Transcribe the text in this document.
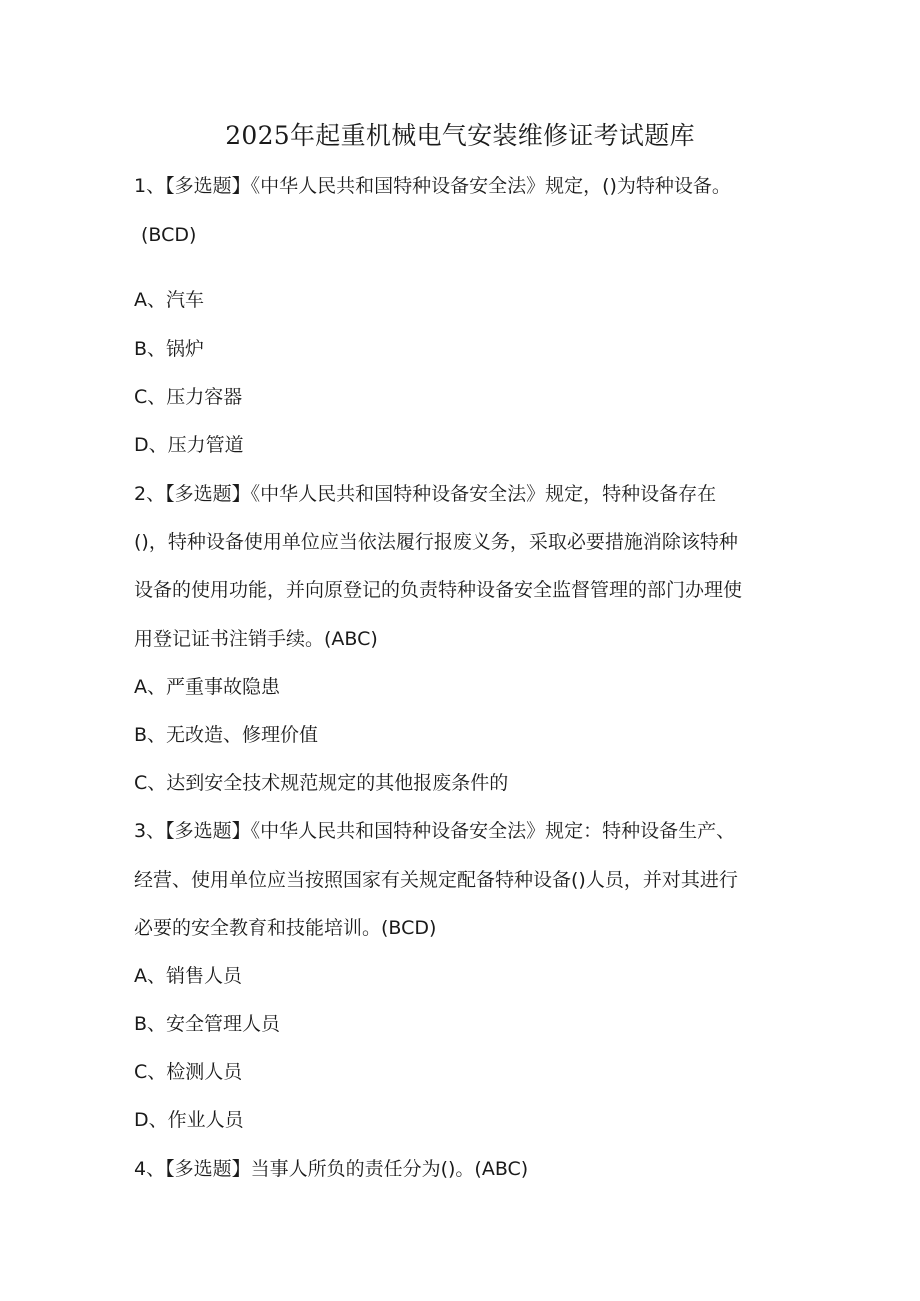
2025年起重机械电气安装维修证考试题库
1、【多选题】《中华人民共和国特种设备安全法》规定，()为特种设备。
(BCD)
A、汽车
B、锅炉
C、压力容器
D、压力管道
2、【多选题】《中华人民共和国特种设备安全法》规定，特种设备存在
()，特种设备使用单位应当依法履行报废义务，采取必要措施消除该特种
设备的使用功能，并向原登记的负责特种设备安全监督管理的部门办理使
用登记证书注销手续。(ABC)
A、严重事故隐患
B、无改造、修理价值
C、达到安全技术规范规定的其他报废条件的
3、【多选题】《中华人民共和国特种设备安全法》规定：特种设备生产、
经营、使用单位应当按照国家有关规定配备特种设备()人员，并对其进行
必要的安全教育和技能培训。(BCD)
A、销售人员
B、安全管理人员
C、检测人员
D、作业人员
4、【多选题】当事人所负的责任分为()。(ABC)
